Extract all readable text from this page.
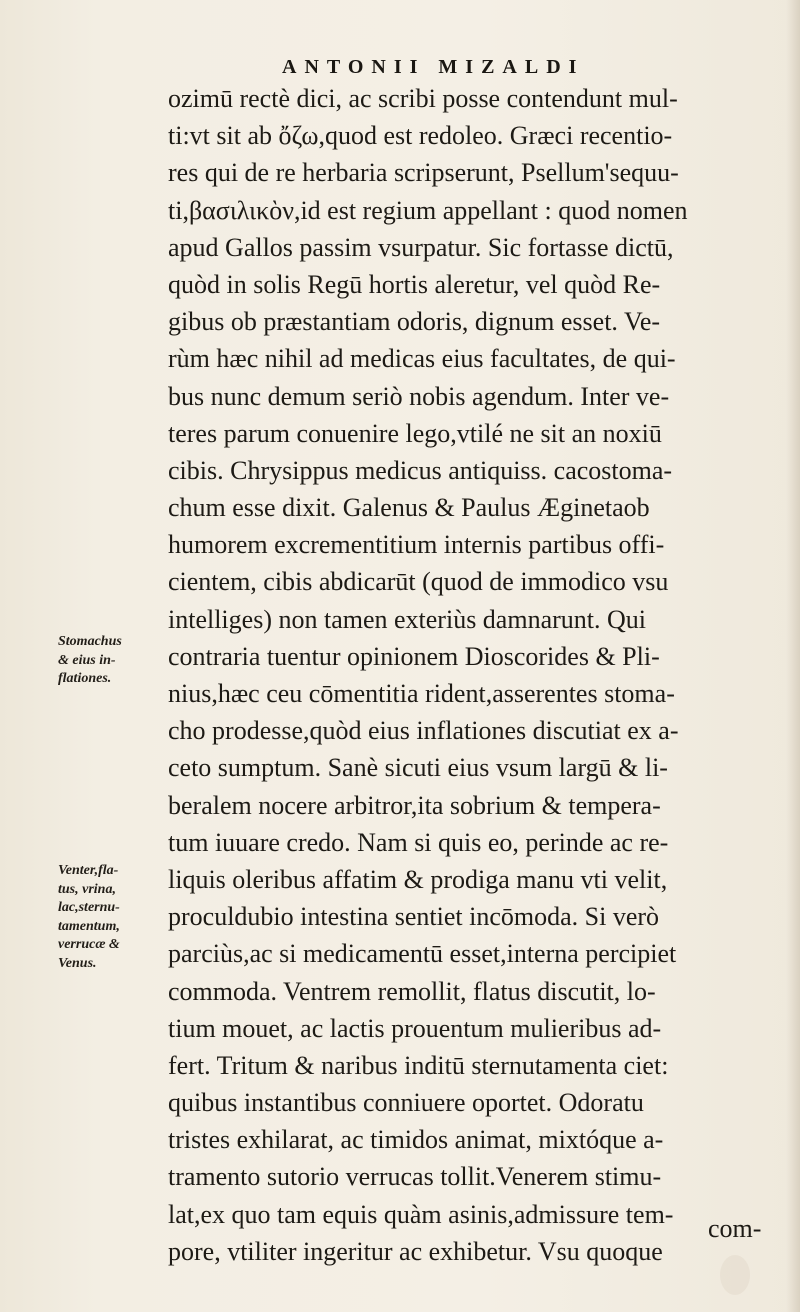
ANTONII MIZALDI
ozimū rectè dici, ac scribi posse contendunt mul-
ti:vt sit ab ὄζω,quod est redoleo. Græci recentio-
res qui de re herbaria scripserunt, Psellum'sequu-
ti,βασιλικὸν,id est regium appellant : quod nomen
apud Gallos passim vsurpatur. Sic fortasse dictū,
quòd in solis Regū hortis aleretur, vel quòd Re-
gibus ob præstantiam odoris, dignum esset. Ve-
rùm hæc nihil ad medicas eius facultates, de qui-
bus nunc demum seriò nobis agendum. Inter ve-
teres parum conuenire lego,vtilé ne sit an noxiū
cibis. Chrysippus medicus antiquiss. cacostoma-
chum esse dixit. Galenus & Paulus Æginetaob
humorem excrementitium internis partibus offi-
cientem, cibis abdicarūt (quod de immodico vsu
intelliges) non tamen exteriùs damnarunt. Qui
contraria tuentur opinionem Dioscorides & Pli-
nius,hæc ceu cōmentitia rident,asserentes stoma-
cho prodesse,quòd eius inflationes discutiat ex a-
ceto sumptum. Sanè sicuti eius vsum largū & li-
beralem nocere arbitror,ita sobrium & tempera-
tum iuuare credo. Nam si quis eo, perinde ac re-
liquis oleribus affatim & prodiga manu vti velit,
proculdubio intestina sentiet incōmoda. Si verò
parciùs,ac si medicamentū esset,interna percipiet
commoda. Ventrem remollit, flatus discutit, lo-
tium mouet, ac lactis prouentum mulieribus ad-
fert. Tritum & naribus inditū sternutamenta ciet:
quibus instantibus conniuere oportet. Odoratu
tristes exhilarat, ac timidos animat, mixtóque a-
tramento sutorio verrucas tollit.Venerem stimu-
lat,ex quo tam equis quàm asinis,admissure tem-
pore, vtiliter ingeritur ac exhibetur. Vsu quoque
com-
Stomachus
& eius in-
flationes.
Venter,fla-
tus, vrina,
lac,sternu-
tamentum,
verrucæ &
Venus.
